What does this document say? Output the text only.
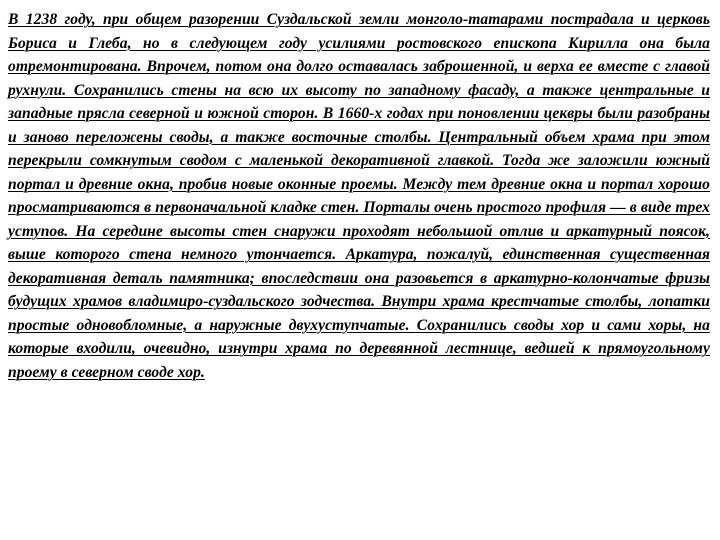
В 1238 году, при общем разорении Суздальской земли монголо-татарами пострадала и церковь Бориса и Глеба, но в следующем году усилиями ростовского епископа Кирилла она была отремонтирована. Впрочем, потом она долго оставалась заброшенной, и верха ее вместе с главой рухнули. Сохранились стены на всю их высоту по западному фасаду, а также центральные и западные прясла северной и южной сторон. В 1660-х годах при поновлении цеквры были разобраны и заново переложены своды, а также восточные столбы. Центральный объем храма при этом перекрыли сомкнутым сводом с маленькой декоративной главкой. Тогда же заложили южный портал и древние окна, пробив новые оконные проемы. Между тем древние окна и портал хорошо просматриваются в первоначальной кладке стен. Порталы очень простого профиля — в виде трех уступов. На середине высоты стен снаружи проходят небольшой отлив и аркатурный поясок, выше которого стена немного утончается. Аркатура, пожалуй, единственная существенная декоративная деталь памятника; впоследствии она разовьется в аркатурно-колончатые фризы будущих храмов владимиро-суздальского зодчества. Внутри храма крестчатые столбы, лопатки простые одновобломные, а наружные двухуступчатые. Сохранились своды хор и сами хоры, на которые входили, очевидно, изнутри храма по деревянной лестнице, ведшей к прямоугольному проему в северном своде хор.
